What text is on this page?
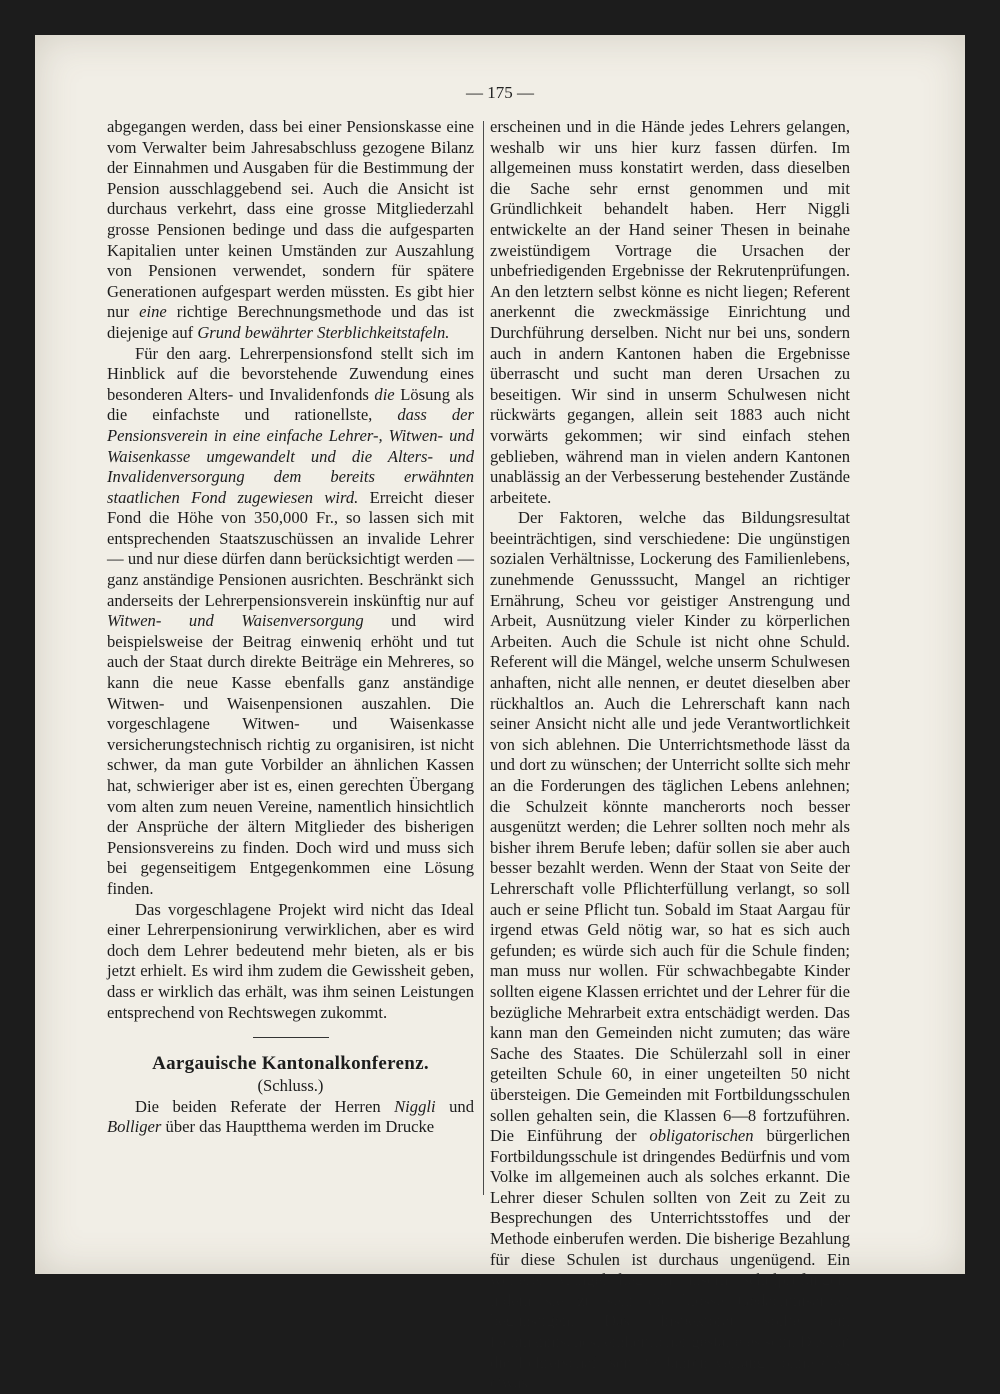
— 175 —

abgegangen werden, dass bei einer Pensionskasse eine vom Verwalter beim Jahresabschluss gezogene Bilanz der Einnahmen und Ausgaben für die Bestimmung der Pension ausschlaggebend sei. Auch die Ansicht ist durchaus verkehrt, dass eine grosse Mitgliederzahl grosse Pensionen bedinge und dass die aufgesparten Kapitalien unter keinen Umständen zur Auszahlung von Pensionen verwendet, sondern für spätere Generationen aufgespart werden müssten. Es gibt hier nur eine richtige Berechnungsmethode und das ist diejenige auf Grund bewährter Sterblichkeitstafeln.

Für den aarg. Lehrerpensionsfond stellt sich im Hinblick auf die bevorstehende Zuwendung eines besonderen Alters- und Invalidenfonds die Lösung als die einfachste und rationellste, dass der Pensionsverein in eine einfache Lehrer-, Witwen- und Waisenkasse umgewandelt und die Alters- und Invalidenversorgung dem bereits erwähnten staatlichen Fond zugewiesen wird. Erreicht dieser Fond die Höhe von 350,000 Fr., so lassen sich mit entsprechenden Staatszuschüssen an invalide Lehrer — und nur diese dürfen dann berücksichtigt werden — ganz anständige Pensionen ausrichten. Beschränkt sich anderseits der Lehrerpensionsverein inskünftig nur auf Witwen- und Waisenversorgung und wird beispielsweise der Beitrag einweniq erhöht und tut auch der Staat durch direkte Beiträge ein Mehreres, so kann die neue Kasse ebenfalls ganz anständige Witwen- und Waisenpensionen auszahlen. Die vorgeschlagene Witwen- und Waisenkasse versicherungstechnisch richtig zu organisiren, ist nicht schwer, da man gute Vorbilder an ähnlichen Kassen hat, schwieriger aber ist es, einen gerechten Übergang vom alten zum neuen Vereine, namentlich hinsichtlich der Ansprüche der ältern Mitglieder des bisherigen Pensionsvereins zu finden. Doch wird und muss sich bei gegenseitigem Entgegenkommen eine Lösung finden.

Das vorgeschlagene Projekt wird nicht das Ideal einer Lehrerpensionirung verwirklichen, aber es wird doch dem Lehrer bedeutend mehr bieten, als er bis jetzt erhielt. Es wird ihm zudem die Gewissheit geben, dass er wirklich das erhält, was ihm seinen Leistungen entsprechend von Rechtswegen zukommt.

Aargauische Kantonalkonferenz.

(Schluss.)

Die beiden Referate der Herren Niggli und Bolliger über das Hauptthema werden im Drucke

erscheinen und in die Hände jedes Lehrers gelangen, weshalb wir uns hier kurz fassen dürfen. Im allgemeinen muss konstatirt werden, dass dieselben die Sache sehr ernst genommen und mit Gründlichkeit behandelt haben. Herr Niggli entwickelte an der Hand seiner Thesen in beinahe zweistündigem Vortrage die Ursachen der unbefriedigenden Ergebnisse der Rekrutenprüfungen. An den letztern selbst könne es nicht liegen; Referent anerkennt die zweckmässige Einrichtung und Durchführung derselben. Nicht nur bei uns, sondern auch in andern Kantonen haben die Ergebnisse überrascht und sucht man deren Ursachen zu beseitigen. Wir sind in unserm Schulwesen nicht rückwärts gegangen, allein seit 1883 auch nicht vorwärts gekommen; wir sind einfach stehen geblieben, während man in vielen andern Kantonen unablässig an der Verbesserung bestehender Zustände arbeitete.

Der Faktoren, welche das Bildungsresultat beeinträchtigen, sind verschiedene: Die ungünstigen sozialen Verhältnisse, Lockerung des Familienlebens, zunehmende Genusssucht, Mangel an richtiger Ernährung, Scheu vor geistiger Anstrengung und Arbeit, Ausnützung vieler Kinder zu körperlichen Arbeiten. Auch die Schule ist nicht ohne Schuld. Referent will die Mängel, welche unserm Schulwesen anhaften, nicht alle nennen, er deutet dieselben aber rückhaltlos an. Auch die Lehrerschaft kann nach seiner Ansicht nicht alle und jede Verantwortlichkeit von sich ablehnen. Die Unterrichtsmethode lässt da und dort zu wünschen; der Unterricht sollte sich mehr an die Forderungen des täglichen Lebens anlehnen; die Schulzeit könnte mancherorts noch besser ausgenützt werden; die Lehrer sollten noch mehr als bisher ihrem Berufe leben; dafür sollen sie aber auch besser bezahlt werden. Wenn der Staat von Seite der Lehrerschaft volle Pflichterfüllung verlangt, so soll auch er seine Pflicht tun. Sobald im Staat Aargau für irgend etwas Geld nötig war, so hat es sich auch gefunden; es würde sich auch für die Schule finden; man muss nur wollen. Für schwachbegabte Kinder sollten eigene Klassen errichtet und der Lehrer für die bezügliche Mehrarbeit extra entschädigt werden. Das kann man den Gemeinden nicht zumuten; das wäre Sache des Staates. Die Schülerzahl soll in einer geteilten Schule 60, in einer ungeteilten 50 nicht übersteigen. Die Gemeinden mit Fortbildungsschulen sollen gehalten sein, die Klassen 6—8 fortzuführen. Die Einführung der obligatorischen bürgerlichen Fortbildungsschule ist dringendes Bedürfnis und vom Volke im allgemeinen auch als solches erkannt. Die Lehrer dieser Schulen sollten von Zeit zu Zeit zu Besprechungen des Unterrichtsstoffes und der Methode einberufen werden. Die bisherige Bezahlung für diese Schulen ist durchaus ungenügend. Ein weiterer Mangel liegt in unsern Schulprüfungen, indem sie zu sehr die blosse Gedächtnisarbeit begünstigen. Das Inspektorat sollte ein fachmännisches, einheitlicher gestaltetes sein. Das hat die Lehrerschaft seit 30 Jahren verlangt, ohne dass etwas
